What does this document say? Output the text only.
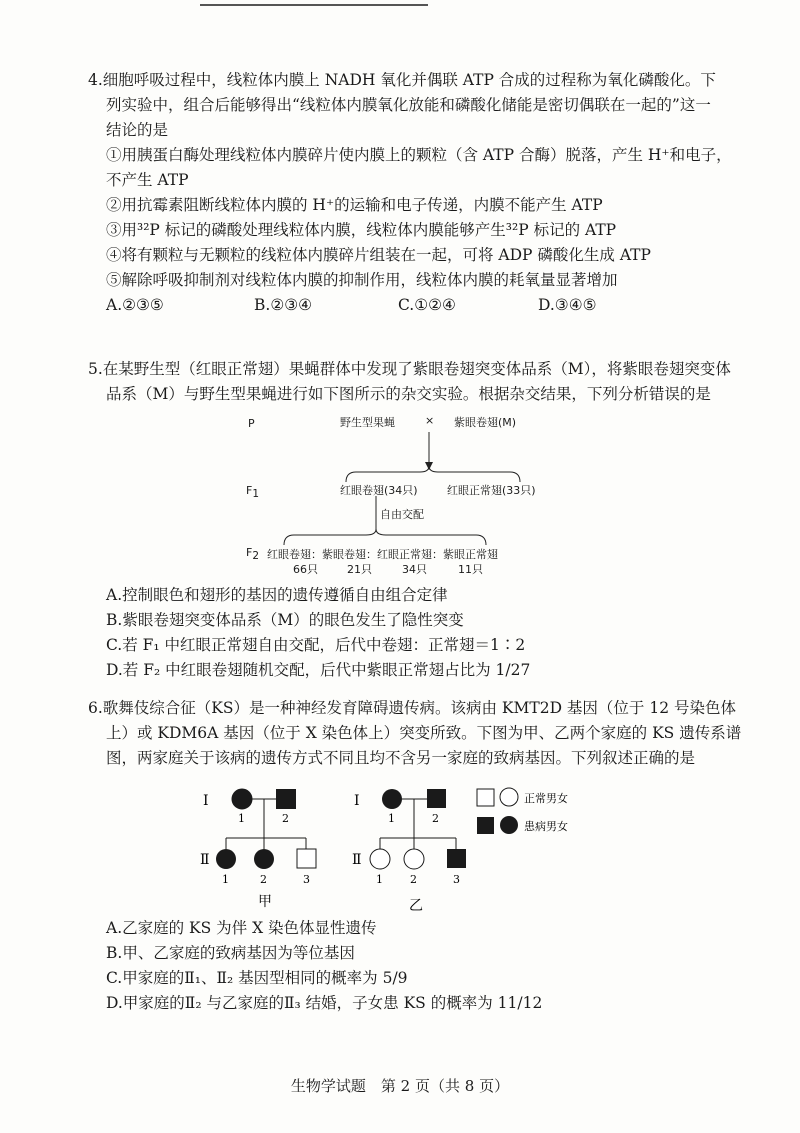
4.细胞呼吸过程中，线粒体内膜上 NADH 氧化并偶联 ATP 合成的过程称为氧化磷酸化。下
列实验中，组合后能够得出“线粒体内膜氧化放能和磷酸化储能是密切偶联在一起的”这一
结论的是
①用胰蛋白酶处理线粒体内膜碎片使内膜上的颗粒（含 ATP 合酶）脱落，产生 H⁺和电子，
不产生 ATP
②用抗霉素阻断线粒体内膜的 H⁺的运输和电子传递，内膜不能产生 ATP
③用³²P 标记的磷酸处理线粒体内膜，线粒体内膜能够产生³²P 标记的 ATP
④将有颗粒与无颗粒的线粒体内膜碎片组装在一起，可将 ADP 磷酸化生成 ATP
⑤解除呼吸抑制剂对线粒体内膜的抑制作用，线粒体内膜的耗氧量显著增加
A.②③⑤	B.②③④	C.①②④	D.③④⑤
5.在某野生型（红眼正常翅）果蝇群体中发现了紫眼卷翅突变体品系（M），将紫眼卷翅突变体
品系（M）与野生型果蝇进行如下图所示的杂交实验。根据杂交结果，下列分析错误的是
P	野生型果蝇	× 紫眼卷翅(M)
F1	红眼卷翅(34只)	红眼正常翅(33只)
自由交配
F2 红眼卷翅：紫眼卷翅：红眼正常翅：紫眼正常翅
66只	21只	34只	11只
A.控制眼色和翅形的基因的遗传遵循自由组合定律
B.紫眼卷翅突变体品系（M）的眼色发生了隐性突变
C.若 F₁ 中红眼正常翅自由交配，后代中卷翅：正常翅＝1∶2
D.若 F₂ 中红眼卷翅随机交配，后代中紫眼正常翅占比为 1/27
6.歌舞伎综合征（KS）是一种神经发育障碍遗传病。该病由 KMT2D 基因（位于 12 号染色体
上）或 KDM6A 基因（位于 X 染色体上）突变所致。下图为甲、乙两个家庭的 KS 遗传系谱
图，两家庭关于该病的遗传方式不同且均不含另一家庭的致病基因。下列叙述正确的是
Ⅰ
1	2
Ⅱ
1	2	3
甲
Ⅰ
1	2
Ⅱ
1 2	3
乙
正常男女
患病男女
A.乙家庭的 KS 为伴 X 染色体显性遗传
B.甲、乙家庭的致病基因为等位基因
C.甲家庭的Ⅱ₁、Ⅱ₂ 基因型相同的概率为 5/9
D.甲家庭的Ⅱ₂ 与乙家庭的Ⅱ₃ 结婚，子女患 KS 的概率为 11/12
生物学试题　第 2 页（共 8 页）
